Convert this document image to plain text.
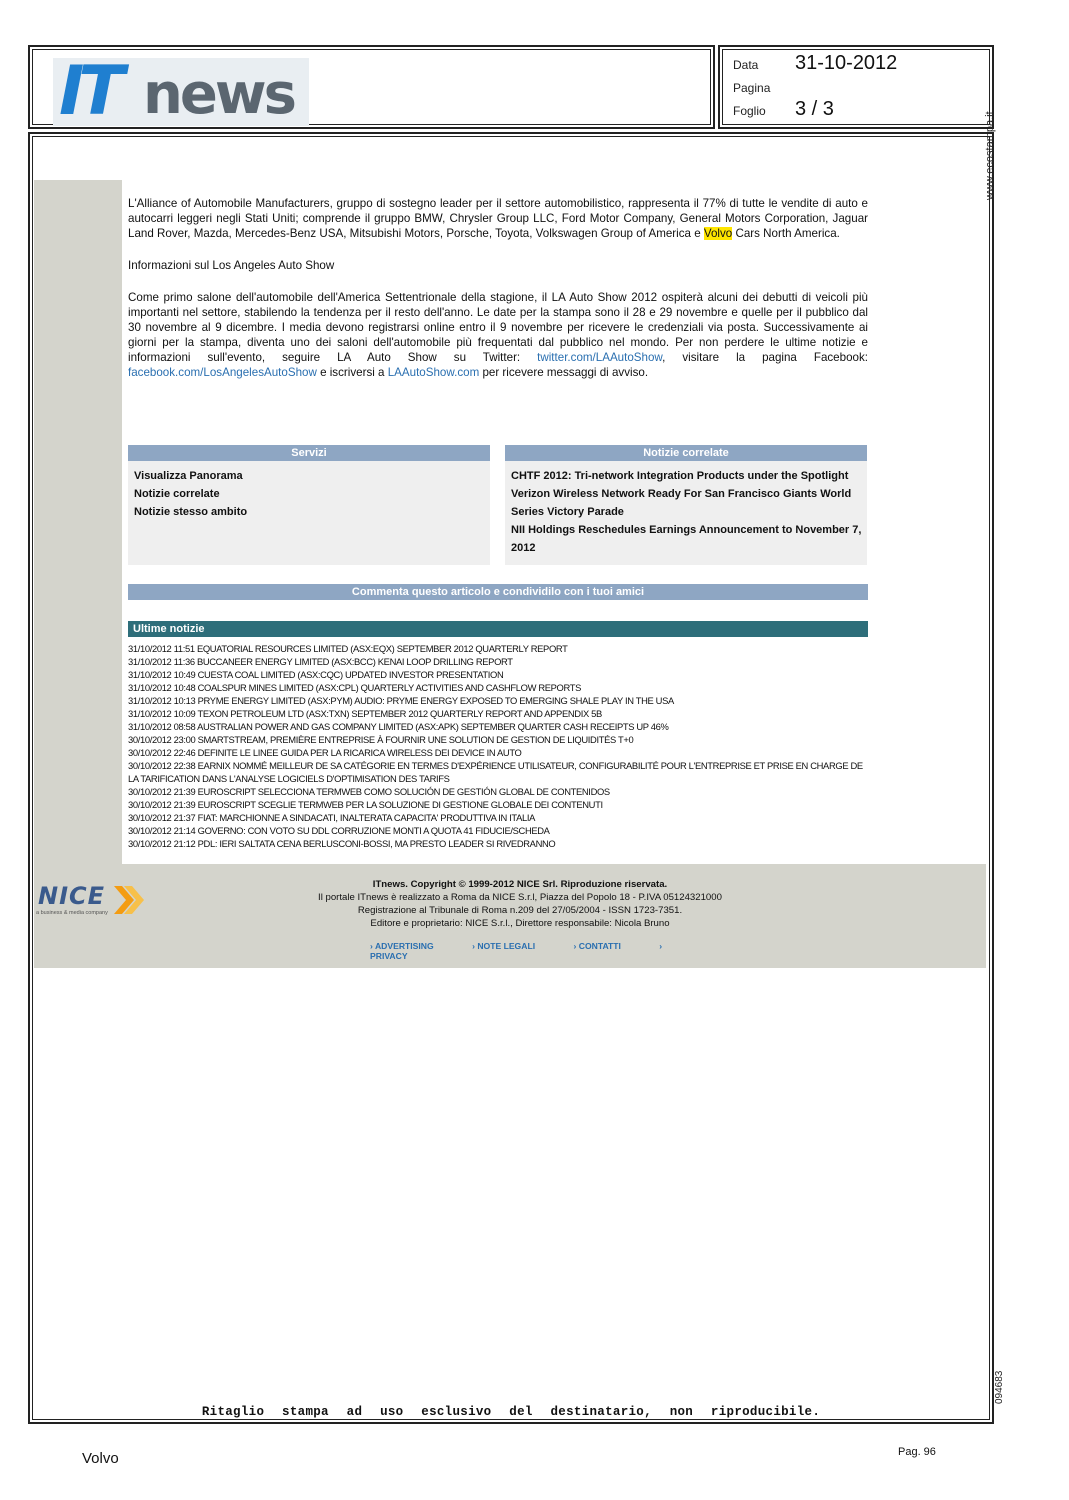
IT news	Data 31-10-2012
Pagina
Foglio 3 / 3
www.ecostampa.it

L'Alliance of Automobile Manufacturers, gruppo di sostegno leader per il settore automobilistico, rappresenta il 77% di tutte le vendite di auto e autocarri leggeri negli Stati Uniti; comprende il gruppo BMW, Chrysler Group LLC, Ford Motor Company, General Motors Corporation, Jaguar Land Rover, Mazda, Mercedes-Benz USA, Mitsubishi Motors, Porsche, Toyota, Volkswagen Group of America e Volvo Cars North America.

Informazioni sul Los Angeles Auto Show

Come primo salone dell'automobile dell'America Settentrionale della stagione, il LA Auto Show 2012 ospiterà alcuni dei debutti di veicoli più importanti nel settore, stabilendo la tendenza per il resto dell'anno. Le date per la stampa sono il 28 e 29 novembre e quelle per il pubblico dal 30 novembre al 9 dicembre. I media devono registrarsi online entro il 9 novembre per ricevere le credenziali via posta. Successivamente ai giorni per la stampa, diventa uno dei saloni dell'automobile più frequentati dal pubblico nel mondo. Per non perdere le ultime notizie e informazioni sull'evento, seguire LA Auto Show su Twitter: twitter.com/LAAutoShow, visitare la pagina Facebook: facebook.com/LosAngelesAutoShow e iscriversi a LAAutoShow.com per ricevere messaggi di avviso.

Servizi
Visualizza Panorama
Notizie correlate
Notizie stesso ambito
Notizie correlate
CHTF 2012: Tri-network Integration Products under the Spotlight
Verizon Wireless Network Ready For San Francisco Giants World Series Victory Parade
NII Holdings Reschedules Earnings Announcement to November 7, 2012
Commenta questo articolo e condividilo con i tuoi amici
Ultime notizie
31/10/2012 11:51 EQUATORIAL RESOURCES LIMITED (ASX:EQX) SEPTEMBER 2012 QUARTERLY REPORT
31/10/2012 11:36 BUCCANEER ENERGY LIMITED (ASX:BCC) KENAI LOOP DRILLING REPORT
31/10/2012 10:49 CUESTA COAL LIMITED (ASX:CQC) UPDATED INVESTOR PRESENTATION
31/10/2012 10:48 COALSPUR MINES LIMITED (ASX:CPL) QUARTERLY ACTIVITIES AND CASHFLOW REPORTS
31/10/2012 10:13 PRYME ENERGY LIMITED (ASX:PYM) AUDIO: PRYME ENERGY EXPOSED TO EMERGING SHALE PLAY IN THE USA
31/10/2012 10:09 TEXON PETROLEUM LTD (ASX:TXN) SEPTEMBER 2012 QUARTERLY REPORT AND APPENDIX 5B
31/10/2012 08:58 AUSTRALIAN POWER AND GAS COMPANY LIMITED (ASX:APK) SEPTEMBER QUARTER CASH RECEIPTS UP 46%
30/10/2012 23:00 SMARTSTREAM, PREMIÈRE ENTREPRISE À FOURNIR UNE SOLUTION DE GESTION DE LIQUIDITÉS T+0
30/10/2012 22:46 DEFINITE LE LINEE GUIDA PER LA RICARICA WIRELESS DEI DEVICE IN AUTO
30/10/2012 22:38 EARNIX NOMMÉ MEILLEUR DE SA CATÉGORIE EN TERMES D'EXPÉRIENCE UTILISATEUR, CONFIGURABILITÉ POUR L'ENTREPRISE ET PRISE EN CHARGE DE LA TARIFICATION DANS L'ANALYSE LOGICIELS D'OPTIMISATION DES TARIFS
30/10/2012 21:39 EUROSCRIPT SELECCIONA TERMWEB COMO SOLUCIÓN DE GESTIÓN GLOBAL DE CONTENIDOS
30/10/2012 21:39 EUROSCRIPT SCEGLIE TERMWEB PER LA SOLUZIONE DI GESTIONE GLOBALE DEI CONTENUTI
30/10/2012 21:37 FIAT: MARCHIONNE A SINDACATI, INALTERATA CAPACITA' PRODUTTIVA IN ITALIA
30/10/2012 21:14 GOVERNO: CON VOTO SU DDL CORRUZIONE MONTI A QUOTA 41 FIDUCIE/SCHEDA
30/10/2012 21:12 PDL: IERI SALTATA CENA BERLUSCONI-BOSSI, MA PRESTO LEADER SI RIVEDRANNO
NICE
a business & media company
ITnews. Copyright © 1999-2012 NICE Srl. Riproduzione riservata.
Il portale ITnews è realizzato a Roma da NICE S.r.l, Piazza del Popolo 18 - P.IVA 05124321000
Registrazione al Tribunale di Roma n.209 del 27/05/2004 - ISSN 1723-7351.
Editore e proprietario: NICE S.r.l., Direttore responsabile: Nicola Bruno
› ADVERTISING	› NOTE LEGALI	› CONTATTI	› PRIVACY
094683
Ritaglio stampa ad uso esclusivo del destinatario, non riproducibile.
Volvo	Pag. 96
